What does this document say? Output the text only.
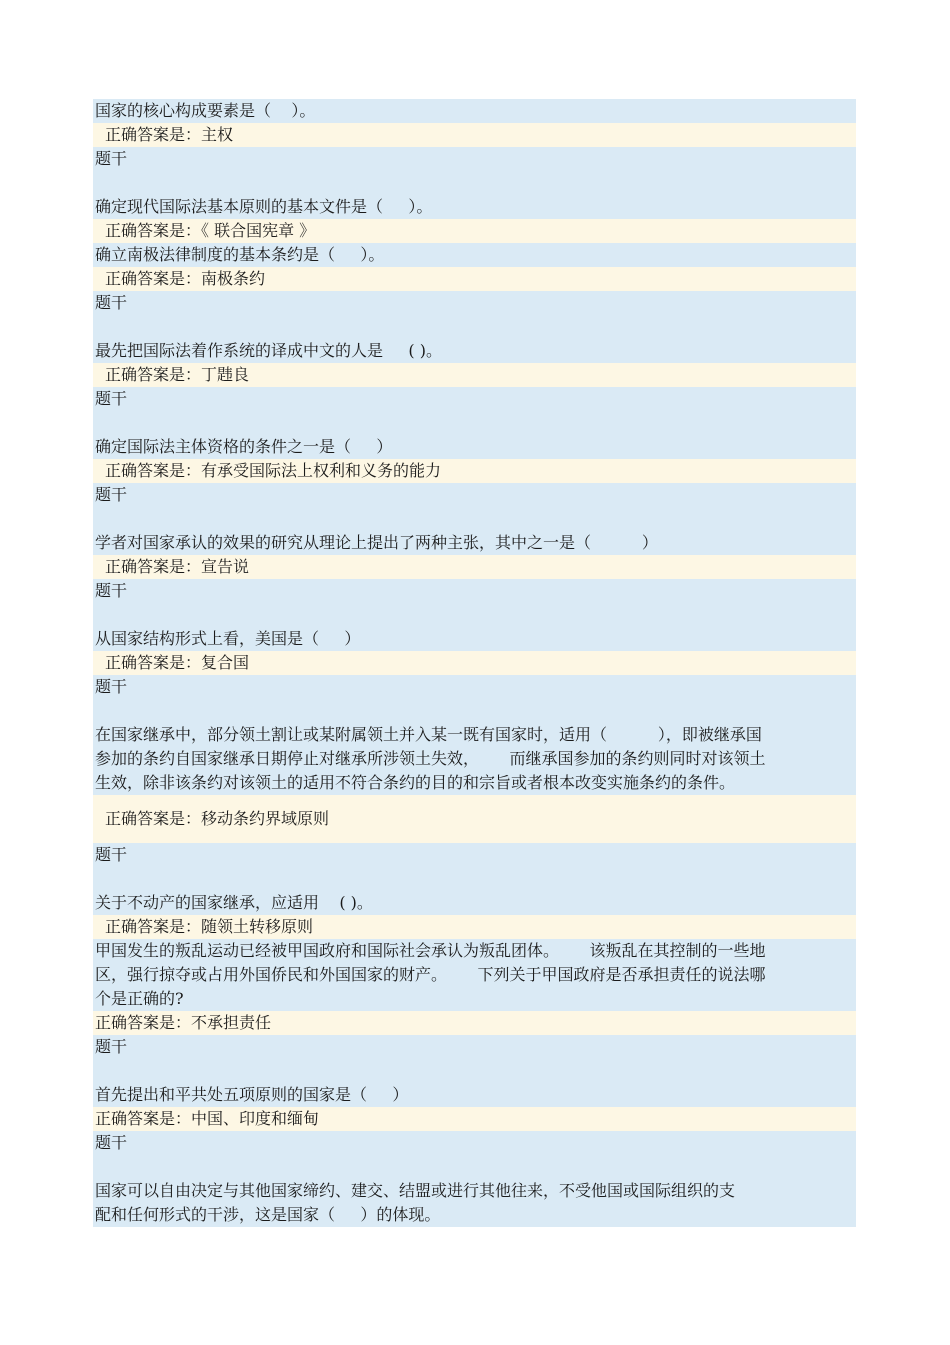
国家的核心构成要素是（    ）。
正确答案是：主权
题干

确定现代国际法基本原则的基本文件是（     ）。
正确答案是：《 联合国宪章 》
确立南极法律制度的基本条约是（     ）。
正确答案是：南极条约
题干

最先把国际法着作系统的译成中文的人是     ( )。
正确答案是：丁韪良
题干

确定国际法主体资格的条件之一是（     ）
正确答案是：有承受国际法上权利和义务的能力
题干

学者对国家承认的效果的研究从理论上提出了两种主张，其中之一是（          ）
正确答案是：宣告说
题干

从国家结构形式上看，美国是（     ）
正确答案是：复合国
题干

在国家继承中，部分领土割让或某附属领土并入某一既有国家时，适用（          ），即被继承国
参加的条约自国家继承日期停止对继承所涉领土失效，      而继承国参加的条约则同时对该领土
生效，除非该条约对该领土的适用不符合条约的目的和宗旨或者根本改变实施条约的条件。
正确答案是：移动条约界域原则
题干

关于不动产的国家继承，应适用    ( )。
正确答案是：随领土转移原则
甲国发生的叛乱运动已经被甲国政府和国际社会承认为叛乱团体。      该叛乱在其控制的一些地
区，强行掠夺或占用外国侨民和外国国家的财产。      下列关于甲国政府是否承担责任的说法哪
个是正确的?
正确答案是：不承担责任
题干

首先提出和平共处五项原则的国家是（     ）
正确答案是：中国、印度和缅甸
题干

国家可以自由决定与其他国家缔约、建交、结盟或进行其他往来，不受他国或国际组织的支
配和任何形式的干涉，这是国家（     ）的体现。
